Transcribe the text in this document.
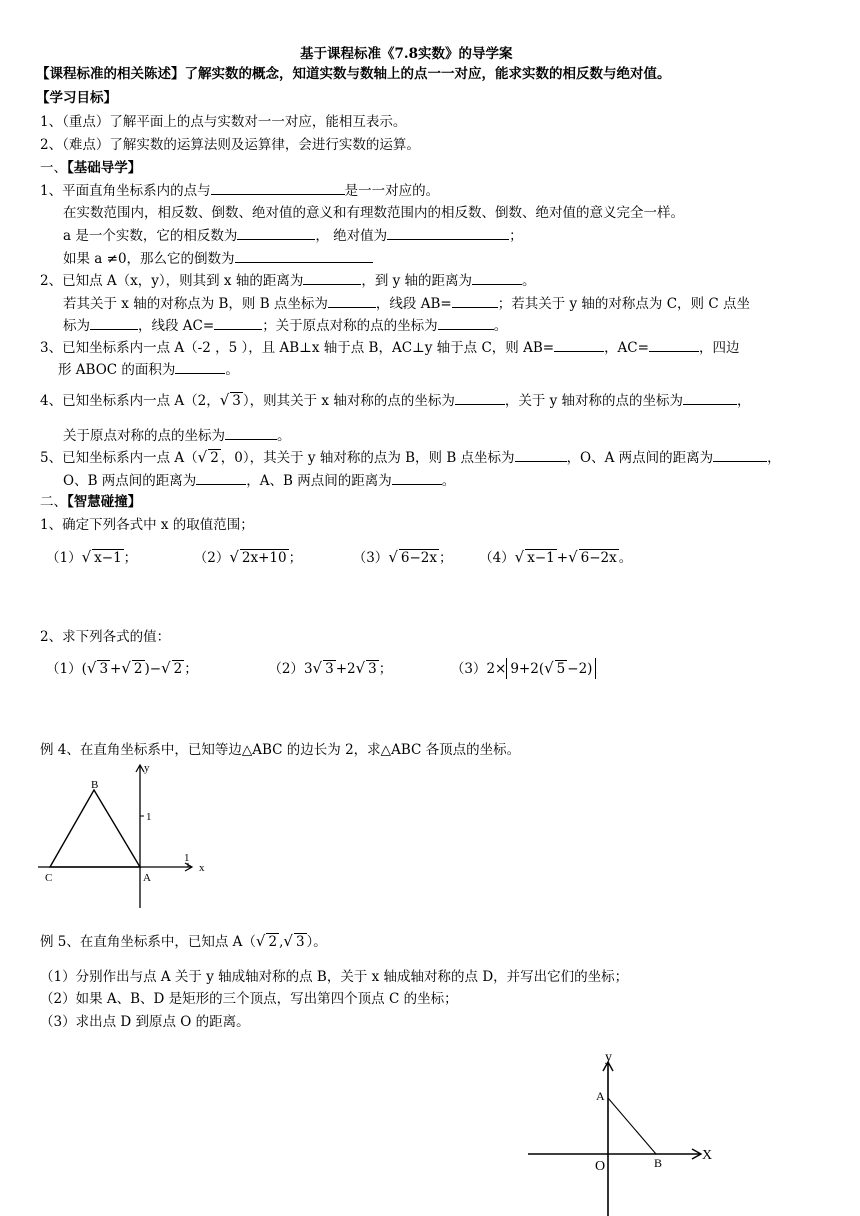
基于课程标准《7.8实数》的导学案
【课程标准的相关陈述】了解实数的概念，知道实数与数轴上的点一一对应，能求实数的相反数与绝对值。
【学习目标】
1、（重点）了解平面上的点与实数对一一对应，能相互表示。
2、（难点）了解实数的运算法则及运算律，会进行实数的运算。
一、【基础导学】
1、平面直角坐标系内的点与	是一一对应的。
在实数范围内，相反数、倒数、绝对值的意义和有理数范围内的相反数、倒数、绝对值的意义完全一样。
a 是一个实数，它的相反数为	， 绝对值为	；
如果 a ≠0，那么它的倒数为
2、已知点 A（x，y），则其到 x 轴的距离为	，到 y 轴的距离为	。
若其关于 x 轴的对称点为 B，则 B 点坐标为	，线段 AB=	；若其关于 y 轴的对称点为 C，则 C 点坐
标为	，线段 AC=	；关于原点对称的点的坐标为	。
3、已知坐标系内一点 A（-2 ，5 ），且 AB⊥x 轴于点 B，AC⊥y 轴于点 C，则 AB=	，AC=	，四边
形 ABOC 的面积为	。
4、已知坐标系内一点 A（2，√ 3 ），则其关于 x 轴对称的点的坐标为	，关于 y 轴对称的点的坐标为	，
关于原点对称的点的坐标为	。
5、已知坐标系内一点 A（√ 2 ，0），其关于 y 轴对称的点为 B，则 B 点坐标为	，O、A 两点间的距离为	，
O、B 两点间的距离为	，A、B 两点间的距离为	。
二、【智慧碰撞】
1、确定下列各式中 x 的取值范围；
（1）√ x−1 ；	（2）√ 2x+10 ；	（3）√ 6−2x ； （4）√ x−1 +√ 6−2x 。
2、求下列各式的值：
（1）(√ 3 +√ 2 )−√ 2 ；	（2）3√ 3 +2√ 3 ；	（3）2× 9+2(√ 5 −2)
例 4、在直角坐标系中，已知等边△ABC 的边长为 2，求△ABC 各顶点的坐标。
B
C	A
y
x
1
1
例 5、在直角坐标系中，已知点 A（√ 2 ,√ 3 ）。
（1）分别作出与点 A 关于 y 轴成轴对称的点 B，关于 x 轴成轴对称的点 D，并写出它们的坐标；
（2）如果 A、B、D 是矩形的三个顶点，写出第四个顶点 C 的坐标；
（3）求出点 D 到原点 O 的距离。
y
X
A
O	B
